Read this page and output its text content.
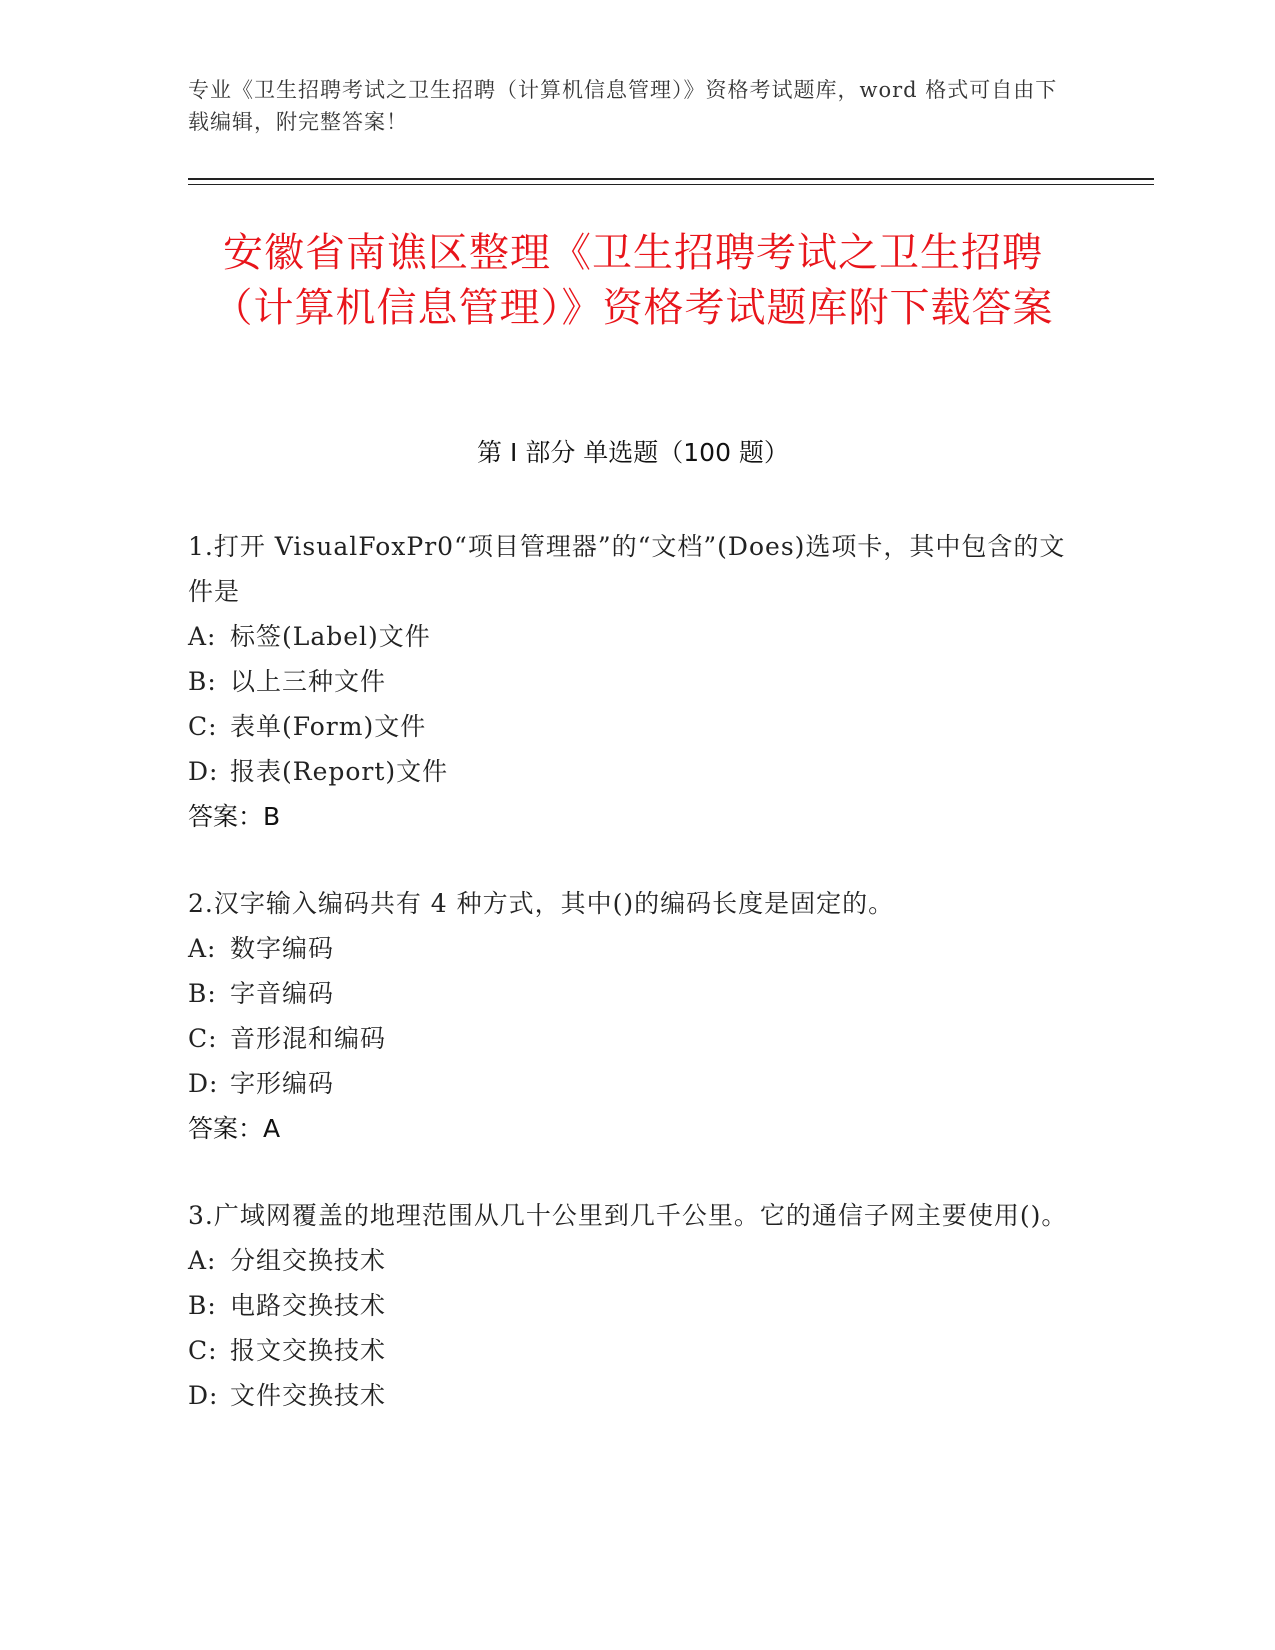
专业《卫生招聘考试之卫生招聘（计算机信息管理）》资格考试题库，word 格式可自由下载编辑，附完整答案！
安徽省南谯区整理《卫生招聘考试之卫生招聘（计算机信息管理）》资格考试题库附下载答案
第 I 部分 单选题（100 题）
1.打开 VisualFoxPr0“项目管理器”的“文档”(Does)选项卡，其中包含的文件是
A: 标签(Label)文件
B: 以上三种文件
C: 表单(Form)文件
D: 报表(Report)文件
答案：B
2.汉字输入编码共有 4 种方式，其中()的编码长度是固定的。
A: 数字编码
B: 字音编码
C: 音形混和编码
D: 字形编码
答案：A
3.广域网覆盖的地理范围从几十公里到几千公里。它的通信子网主要使用()。
A: 分组交换技术
B: 电路交换技术
C: 报文交换技术
D: 文件交换技术
